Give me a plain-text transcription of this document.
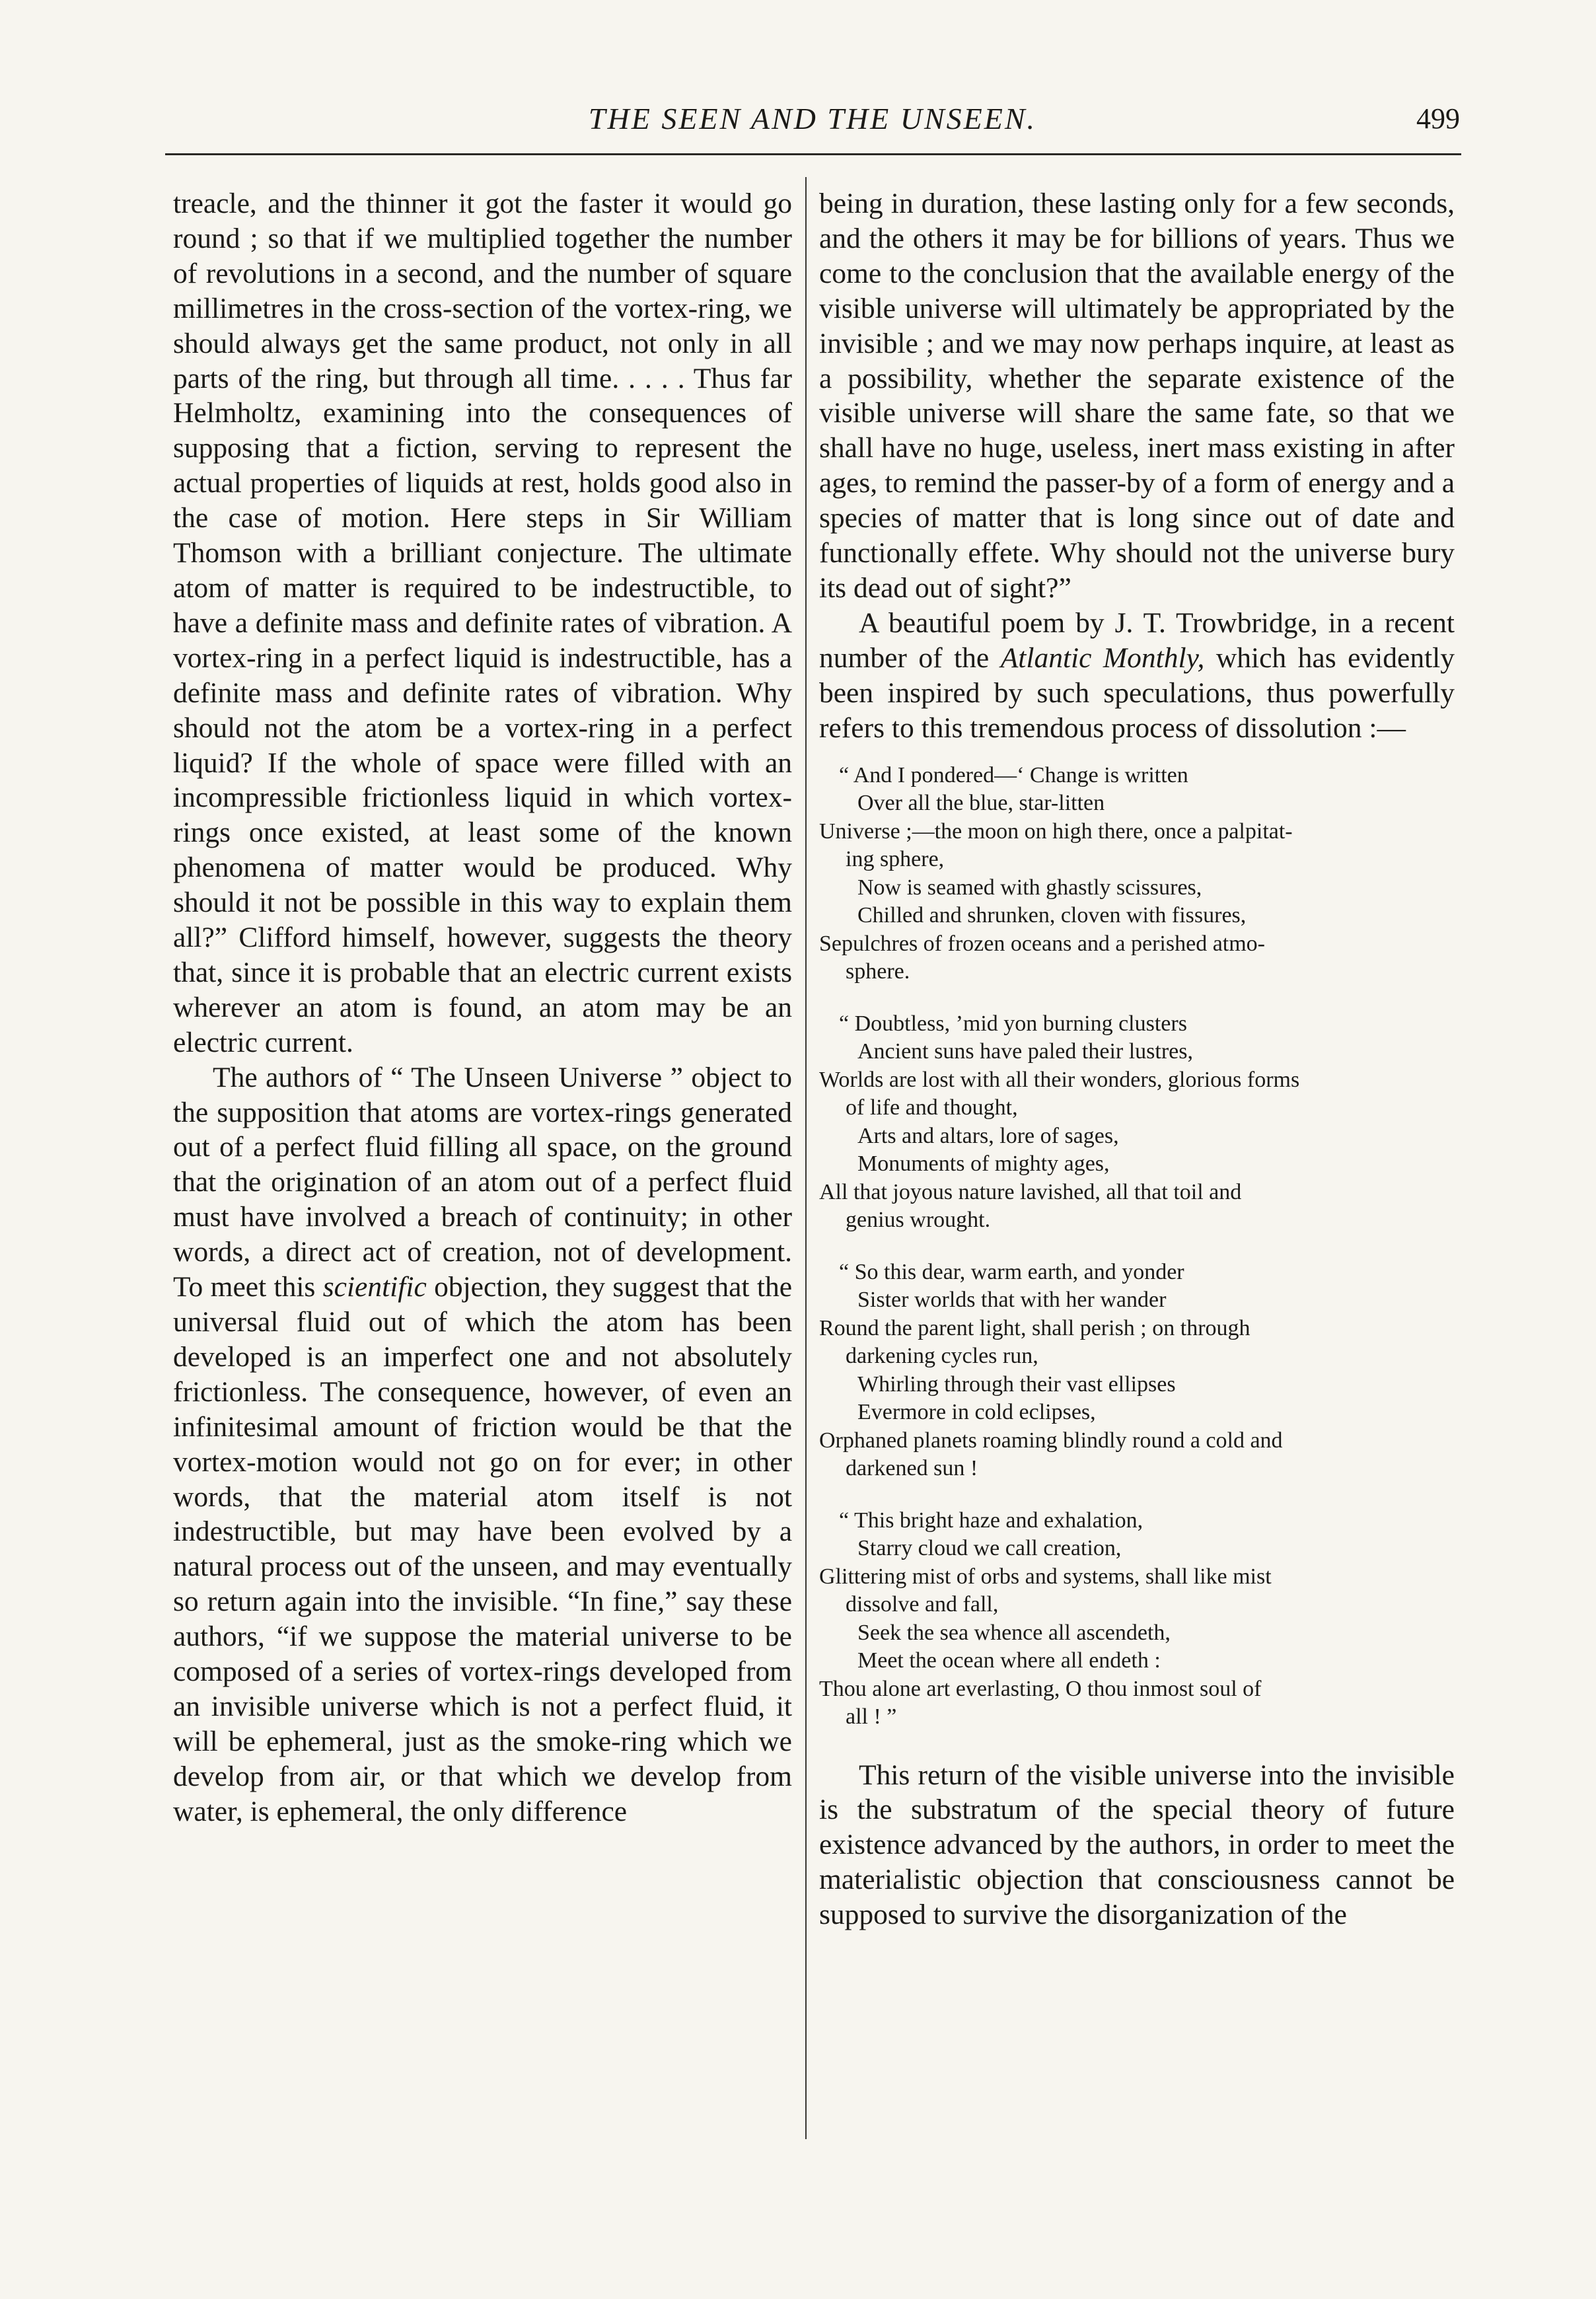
THE SEEN AND THE UNSEEN.	499

treacle, and the thinner it got the faster it would go round ; so that if we multiplied together the number of revolutions in a second, and the number of square millimetres in the cross-section of the vortex-ring, we should always get the same product, not only in all parts of the ring, but through all time. . . . . Thus far Helmholtz, examining into the consequences of supposing that a fiction, serving to represent the actual properties of liquids at rest, holds good also in the case of motion. Here steps in Sir William Thomson with a brilliant conjecture. The ultimate atom of matter is required to be indestructible, to have a definite mass and definite rates of vibration. A vortex-ring in a perfect liquid is indestructible, has a definite mass and definite rates of vibration. Why should not the atom be a vortex-ring in a perfect liquid? If the whole of space were filled with an incompressible frictionless liquid in which vortex-rings once existed, at least some of the known phenomena of matter would be produced. Why should it not be possible in this way to explain them all?” Clifford himself, however, suggests the theory that, since it is probable that an electric current exists wherever an atom is found, an atom may be an electric current.

The authors of “ The Unseen Universe ” object to the supposition that atoms are vortex-rings generated out of a perfect fluid filling all space, on the ground that the origination of an atom out of a perfect fluid must have involved a breach of continuity; in other words, a direct act of creation, not of development. To meet this scientific objection, they suggest that the universal fluid out of which the atom has been developed is an imperfect one and not absolutely frictionless. The consequence, however, of even an infinitesimal amount of friction would be that the vortex-motion would not go on for ever; in other words, that the material atom itself is not indestructible, but may have been evolved by a natural process out of the unseen, and may eventually so return again into the invisible. “In fine,” say these authors, “if we suppose the material universe to be composed of a series of vortex-rings developed from an invisible universe which is not a perfect fluid, it will be ephemeral, just as the smoke-ring which we develop from air, or that which we develop from water, is ephemeral, the only difference

being in duration, these lasting only for a few seconds, and the others it may be for billions of years. Thus we come to the conclusion that the available energy of the visible universe will ultimately be appropriated by the invisible ; and we may now perhaps inquire, at least as a possibility, whether the separate existence of the visible universe will share the same fate, so that we shall have no huge, useless, inert mass existing in after ages, to remind the passer-by of a form of energy and a species of matter that is long since out of date and functionally effete. Why should not the universe bury its dead out of sight?”

A beautiful poem by J. T. Trowbridge, in a recent number of the Atlantic Monthly, which has evidently been inspired by such speculations, thus powerfully refers to this tremendous process of dissolution :—

“ And I pondered—‘ Change is written
Over all the blue, star-litten
Universe ;—the moon on high there, once a palpitat-
ing sphere,
Now is seamed with ghastly scissures,
Chilled and shrunken, cloven with fissures,
Sepulchres of frozen oceans and a perished atmo-
sphere.
“ Doubtless, ’mid yon burning clusters
Ancient suns have paled their lustres,
Worlds are lost with all their wonders, glorious forms
of life and thought,
Arts and altars, lore of sages,
Monuments of mighty ages,
All that joyous nature lavished, all that toil and
genius wrought.
“ So this dear, warm earth, and yonder
Sister worlds that with her wander
Round the parent light, shall perish ; on through
darkening cycles run,
Whirling through their vast ellipses
Evermore in cold eclipses,
Orphaned planets roaming blindly round a cold and
darkened sun !
“ This bright haze and exhalation,
Starry cloud we call creation,
Glittering mist of orbs and systems, shall like mist
dissolve and fall,
Seek the sea whence all ascendeth,
Meet the ocean where all endeth :
Thou alone art everlasting, O thou inmost soul of
all ! ”

This return of the visible universe into the invisible is the substratum of the special theory of future existence advanced by the authors, in order to meet the materialistic objection that consciousness cannot be supposed to survive the disorganization of the
